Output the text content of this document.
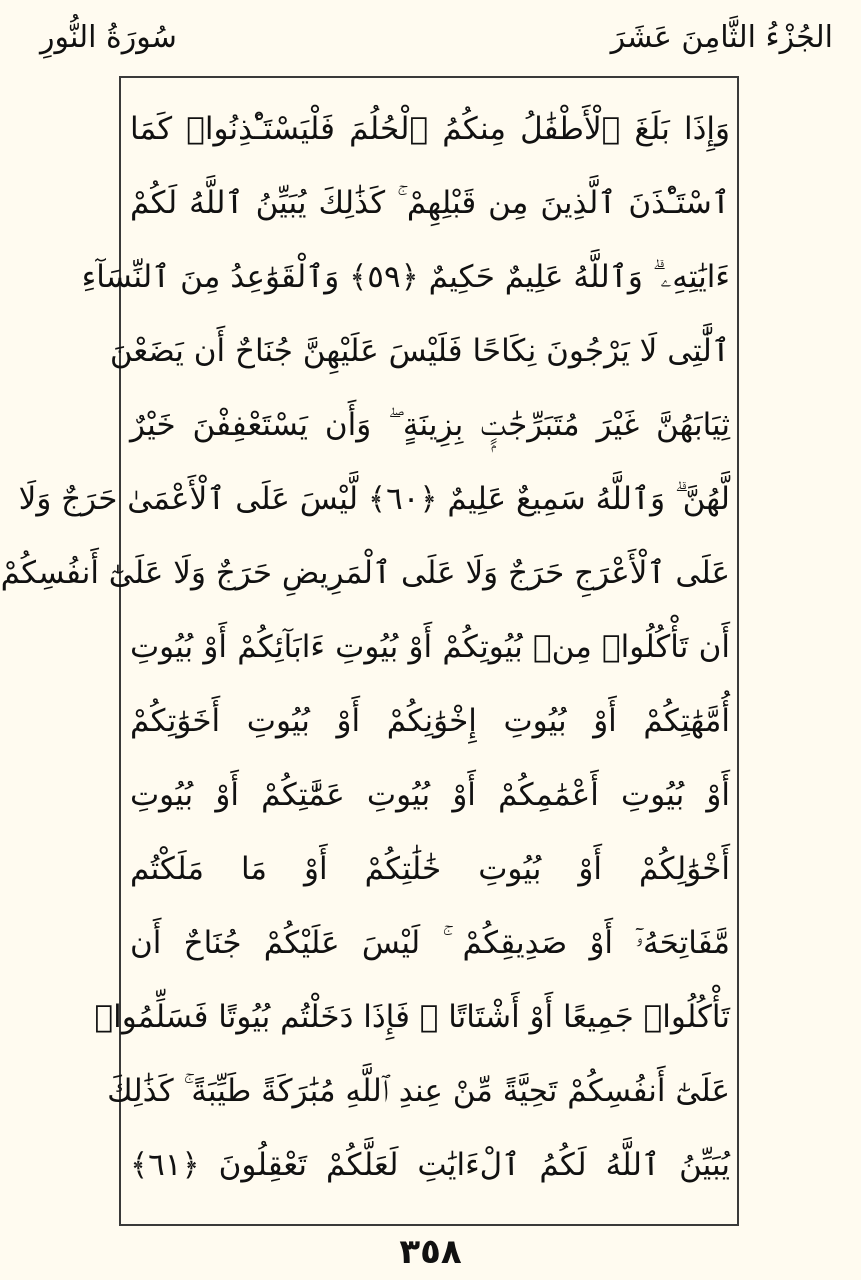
سُورَةُ النُّورِ	الجُزْءُ الثَّامِنَ عَشَرَ
وَإِذَا بَلَغَ ٱلْأَطْفَٰلُ مِنكُمُ ٱلْحُلُمَ فَلْيَسْتَـْٔذِنُوا۟ كَمَا
ٱسْتَـْٔذَنَ ٱلَّذِينَ مِن قَبْلِهِمْ ۚ كَذَٰلِكَ يُبَيِّنُ ٱللَّهُ لَكُمْ
ءَايَٰتِهِۦ ۗ وَٱللَّهُ عَلِيمٌ حَكِيمٌ ﴿٥٩﴾ وَٱلْقَوَٰعِدُ مِنَ ٱلنِّسَآءِ
ٱلَّٰتِى لَا يَرْجُونَ نِكَاحًا فَلَيْسَ عَلَيْهِنَّ جُنَاحٌ أَن يَضَعْنَ
ثِيَابَهُنَّ غَيْرَ مُتَبَرِّجَٰتٍۭ بِزِينَةٍ ۖ وَأَن يَسْتَعْفِفْنَ خَيْرٌ
لَّهُنَّ ۗ وَٱللَّهُ سَمِيعٌ عَلِيمٌ ﴿٦٠﴾ لَّيْسَ عَلَى ٱلْأَعْمَىٰ حَرَجٌ وَلَا
عَلَى ٱلْأَعْرَجِ حَرَجٌ وَلَا عَلَى ٱلْمَرِيضِ حَرَجٌ وَلَا عَلَىٰٓ أَنفُسِكُمْ
أَن تَأْكُلُوا۟ مِنۢ بُيُوتِكُمْ أَوْ بُيُوتِ ءَابَآئِكُمْ أَوْ بُيُوتِ
أُمَّهَٰتِكُمْ أَوْ بُيُوتِ إِخْوَٰنِكُمْ أَوْ بُيُوتِ أَخَوَٰتِكُمْ
أَوْ بُيُوتِ أَعْمَٰمِكُمْ أَوْ بُيُوتِ عَمَّٰتِكُمْ أَوْ بُيُوتِ
أَخْوَٰلِكُمْ أَوْ بُيُوتِ خَٰلَٰتِكُمْ أَوْ مَا مَلَكْتُم
مَّفَاتِحَهُۥٓ أَوْ صَدِيقِكُمْ ۚ لَيْسَ عَلَيْكُمْ جُنَاحٌ أَن
تَأْكُلُوا۟ جَمِيعًا أَوْ أَشْتَاتًا ۚ فَإِذَا دَخَلْتُم بُيُوتًا فَسَلِّمُوا۟
عَلَىٰٓ أَنفُسِكُمْ تَحِيَّةً مِّنْ عِندِ ٱللَّهِ مُبَٰرَكَةً طَيِّبَةً ۚ كَذَٰلِكَ
يُبَيِّنُ ٱللَّهُ لَكُمُ ٱلْءَايَٰتِ لَعَلَّكُمْ تَعْقِلُونَ ﴿٦١﴾
٣٥٨
